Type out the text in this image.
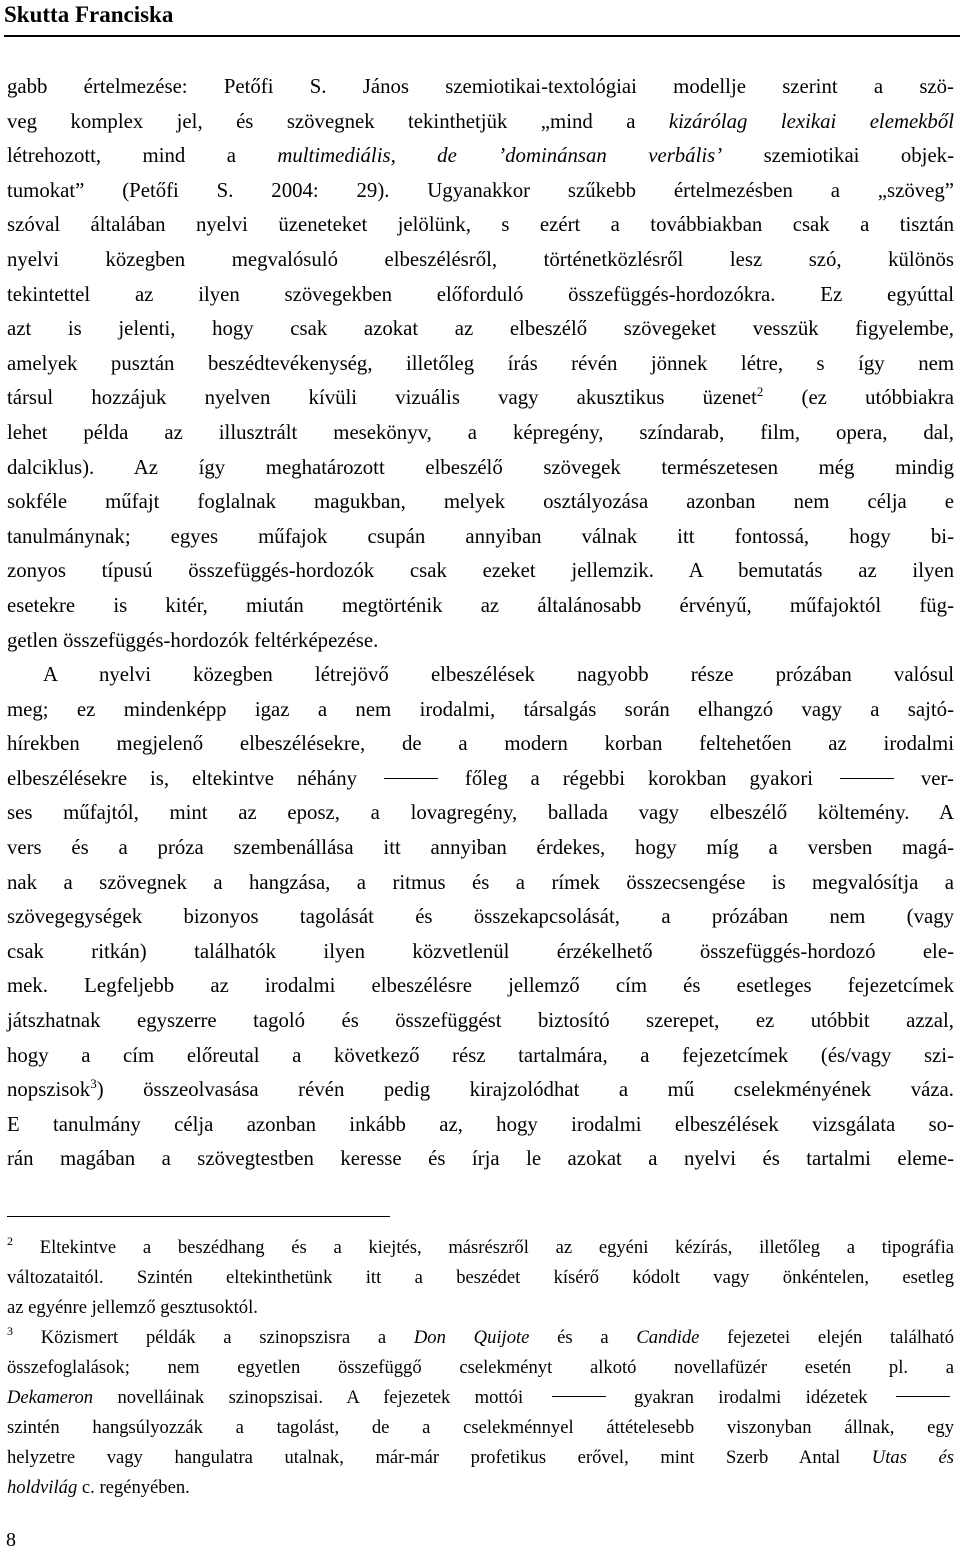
Skutta Franciska
gabb értelmezése: Petőfi S. János szemiotikai-textológiai modellje szerint a szö-
veg komplex jel, és szövegnek tekinthetjük „mind a kizárólag lexikai elemekből
létrehozott, mind a multimediális, de ’dominánsan verbális’ szemiotikai objek-
tumokat” (Petőfi S. 2004: 29). Ugyanakkor szűkebb értelmezésben a „szöveg”
szóval általában nyelvi üzeneteket jelölünk, s ezért a továbbiakban csak a tisztán
nyelvi közegben megvalósuló elbeszélésről, történetközlésről lesz szó, különös
tekintettel az ilyen szövegekben előforduló összefüggés-hordozókra. Ez egyúttal
azt is jelenti, hogy csak azokat az elbeszélő szövegeket vesszük figyelembe,
amelyek pusztán beszédtevékenység, illetőleg írás révén jönnek létre, s így nem
társul hozzájuk nyelven kívüli vizuális vagy akusztikus üzenet$^2$ (ez utóbbiakra
lehet példa az illusztrált mesekönyv, a képregény, színdarab, film, opera, dal,
dalciklus). Az így meghatározott elbeszélő szövegek természetesen még mindig
sokféle műfajt foglalnak magukban, melyek osztályozása azonban nem célja e
tanulmánynak; egyes műfajok csupán annyiban válnak itt fontossá, hogy bi-
zonyos típusú összefüggés-hordozók csak ezeket jellemzik. A bemutatás az ilyen
esetekre is kitér, miután megtörténik az általánosabb érvényű, műfajoktól füg-
getlen összefüggés-hordozók feltérképezése.
A nyelvi közegben létrejövő elbeszélések nagyobb része prózában valósul
meg; ez mindenképp igaz a nem irodalmi, társalgás során elhangzó vagy a sajtó-
hírekben megjelenő elbeszélésekre, de a modern korban feltehetően az irodalmi
elbeszélésekre is, eltekintve néhány	főleg a régebbi korokban gyakori	ver-
ses műfajtól, mint az eposz, a lovagregény, ballada vagy elbeszélő költemény. A
vers és a próza szembenállása itt annyiban érdekes, hogy míg a versben magá-
nak a szövegnek a hangzása, a ritmus és a rímek összecsengése is megvalósítja a
szövegegységek bizonyos tagolását és összekapcsolását, a prózában nem (vagy
csak ritkán) találhatók ilyen közvetlenül érzékelhető összefüggés-hordozó ele-
mek. Legfeljebb az irodalmi elbeszélésre jellemző cím és esetleges fejezetcímek
játszhatnak egyszerre tagoló és összefüggést biztosító szerepet, ez utóbbit azzal,
hogy a cím előreutal a következő rész tartalmára, a fejezetcímek (és/vagy szi-
nopszisok$^3$) összeolvasása révén pedig kirajzolódhat a mű cselekményének váza.
E tanulmány célja azonban inkább az, hogy irodalmi elbeszélések vizsgálata so-
rán magában a szövegtestben keresse és írja le azokat a nyelvi és tartalmi eleme-
$^2$ Eltekintve a beszédhang és a kiejtés, másrészről az egyéni kézírás, illetőleg a tipográfia
változataitól. Szintén eltekinthetünk itt a beszédet kísérő kódolt vagy önkéntelen, esetleg
az egyénre jellemző gesztusoktól.
$^3$ Közismert példák a szinopszisra a Don Quijote és a Candide fejezetei elején található
összefoglalások; nem egyetlen összefüggő cselekményt alkotó novellafüzér esetén pl. a
Dekameron novelláinak szinopszisai. A fejezetek mottói	gyakran irodalmi idézetek
szintén hangsúlyozzák a tagolást, de a cselekménnyel áttételesebb viszonyban állnak, egy
helyzetre vagy hangulatra utalnak, már-már profetikus erővel, mint Szerb Antal Utas és
holdvilág c. regényében.
8
